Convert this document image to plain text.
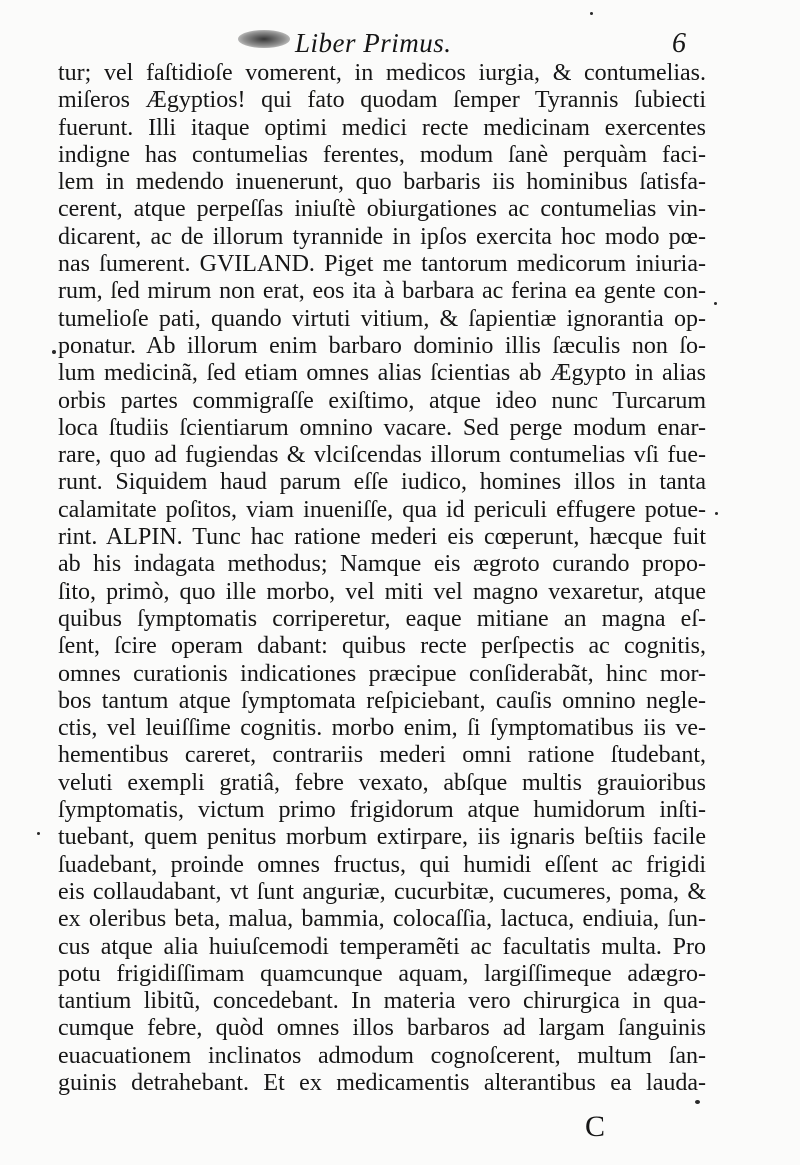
Liber Primus.	6
tur; vel faſtidioſe vomerent, in medicos iurgia, & contumelias.
miſeros Ægyptios! qui fato quodam ſemper Tyrannis ſubiecti
fuerunt. Illi itaque optimi medici recte medicinam exercentes
indigne has contumelias ferentes, modum ſanè perquàm faci-
lem in medendo inuenerunt, quo barbaris iis hominibus ſatisfa-
cerent, atque perpeſſas iniuſtè obiurgationes ac contumelias vin-
dicarent, ac de illorum tyrannide in ipſos exercita hoc modo pœ-
nas ſumerent. GVILAND. Piget me tantorum medicorum iniuria-
rum, ſed mirum non erat, eos ita à barbara ac ferina ea gente con-
tumelioſe pati, quando virtuti vitium, & ſapientiæ ignorantia op-
ponatur. Ab illorum enim barbaro dominio illis ſæculis non ſo-
lum medicinã, ſed etiam omnes alias ſcientias ab Ægypto in alias
orbis partes commigraſſe exiſtimo, atque ideo nunc Turcarum
loca ſtudiis ſcientiarum omnino vacare. Sed perge modum enar-
rare, quo ad fugiendas & vlciſcendas illorum contumelias vſi fue-
runt. Siquidem haud parum eſſe iudico, homines illos in tanta
calamitate poſitos, viam inueniſſe, qua id periculi effugere potue-
rint. ALPIN. Tunc hac ratione mederi eis cœperunt, hæcque fuit
ab his indagata methodus; Namque eis ægroto curando propo-
ſito, primò, quo ille morbo, vel miti vel magno vexaretur, atque
quibus ſymptomatis corriperetur, eaque mitiane an magna eſ-
ſent, ſcire operam dabant: quibus recte perſpectis ac cognitis,
omnes curationis indicationes præcipue conſiderabãt, hinc mor-
bos tantum atque ſymptomata reſpiciebant, cauſis omnino negle-
ctis, vel leuiſſime cognitis. morbo enim, ſi ſymptomatibus iis ve-
hementibus careret, contrariis mederi omni ratione ſtudebant,
veluti exempli gratiâ, febre vexato, abſque multis grauioribus
ſymptomatis, victum primo frigidorum atque humidorum inſti-
tuebant, quem penitus morbum extirpare, iis ignaris beſtiis facile
ſuadebant, proinde omnes fructus, qui humidi eſſent ac frigidi
eis collaudabant, vt ſunt anguriæ, cucurbitæ, cucumeres, poma, &
ex oleribus beta, malua, bammia, colocaſſia, lactuca, endiuia, ſun-
cus atque alia huiuſcemodi temperamẽti ac facultatis multa. Pro
potu frigidiſſimam quamcunque aquam, largiſſimeque adægro-
tantium libitũ, concedebant. In materia vero chirurgica in qua-
cumque febre, quòd omnes illos barbaros ad largam ſanguinis
euacuationem inclinatos admodum cognoſcerent, multum ſan-
guinis detrahebant. Et ex medicamentis alterantibus ea lauda-
C
